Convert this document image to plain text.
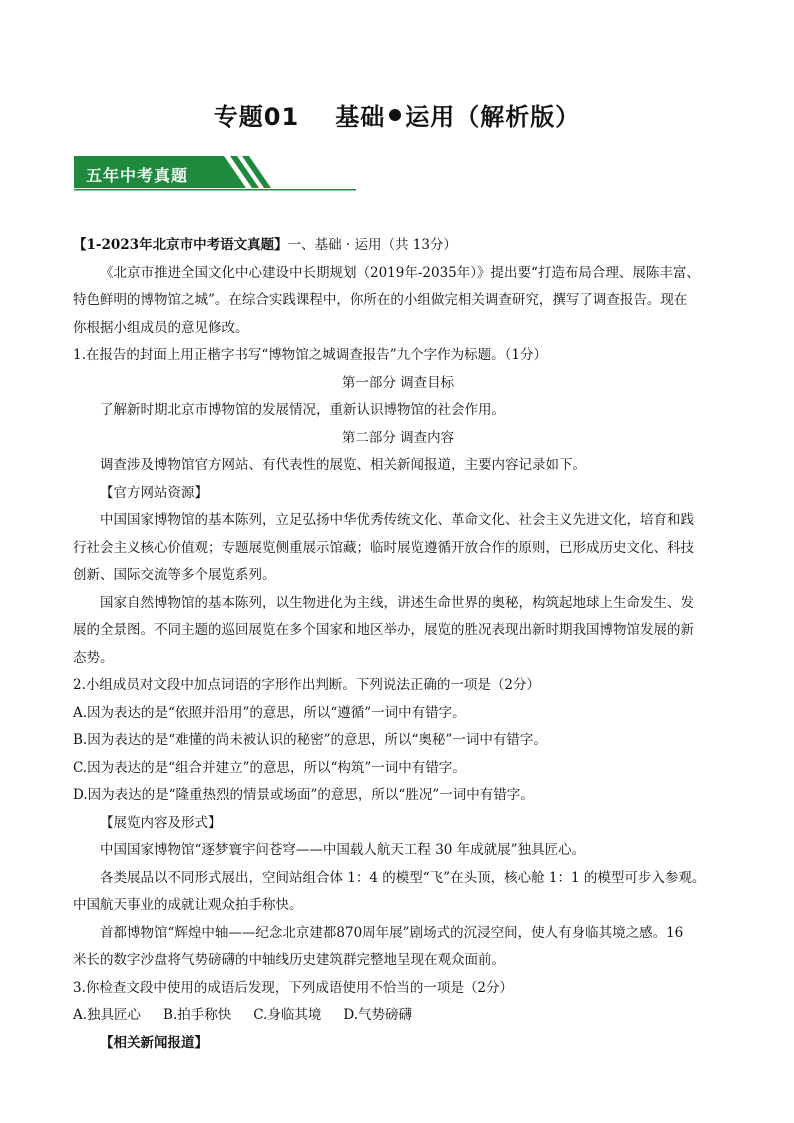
专题01 基础 运用（解析版）
五年中考真题
【1-2023年北京市中考语文真题】一、基础 · 运用（共 13分）
《北京市推进全国文化中心建设中长期规划（2019年-2035年）》提出要“打造布局合理、展陈丰富、
特色鲜明的博物馆之城”。在综合实践课程中，你所在的小组做完相关调查研究，撰写了调查报告。现在
你根据小组成员的意见修改。
1.在报告的封面上用正楷字书写“博物馆之城调查报告”九个字作为标题。（1分）
第一部分 调查目标
了解新时期北京市博物馆的发展情况，重新认识博物馆的社会作用。
第二部分 调查内容
调查涉及博物馆官方网站、有代表性的展览、相关新闻报道，主要内容记录如下。
【官方网站资源】
中国国家博物馆的基本陈列，立足弘扬中华优秀传统文化、革命文化、社会主义先进文化，培育和践
行社会主义核心价值观；专题展览侧重展示馆藏；临时展览遵循开放合作的原则，已形成历史文化、科技
创新、国际交流等多个展览系列。
国家自然博物馆的基本陈列，以生物进化为主线，讲述生命世界的奥秘，构筑起地球上生命发生、发
展的全景图。不同主题的巡回展览在多个国家和地区举办，展览的胜况表现出新时期我国博物馆发展的新
态势。
2.小组成员对文段中加点词语的字形作出判断。下列说法正确的一项是（2分）
A.因为表达的是“依照并沿用”的意思，所以“遵循”一词中有错字。
B.因为表达的是“难懂的尚未被认识的秘密”的意思，所以“奥秘”一词中有错字。
C.因为表达的是“组合并建立”的意思，所以“构筑”一词中有错字。
D.因为表达的是“隆重热烈的情景或场面”的意思，所以“胜况”一词中有错字。
【展览内容及形式】
中国国家博物馆“逐梦寰宇问苍穹——中国载人航天工程 30 年成就展”独具匠心。
各类展品以不同形式展出，空间站组合体 1：4 的模型“飞”在头顶，核心舱 1：1 的模型可步入参观。
中国航天事业的成就让观众拍手称快。
首都博物馆“辉煌中轴——纪念北京建都870周年展”剧场式的沉浸空间，使人有身临其境之感。16
米长的数字沙盘将气势磅礴的中轴线历史建筑群完整地呈现在观众面前。
3.你检查文段中使用的成语后发现，下列成语使用不恰当的一项是（2分）
A.独具匠心 B.拍手称快 C.身临其境 D.气势磅礴
【相关新闻报道】
